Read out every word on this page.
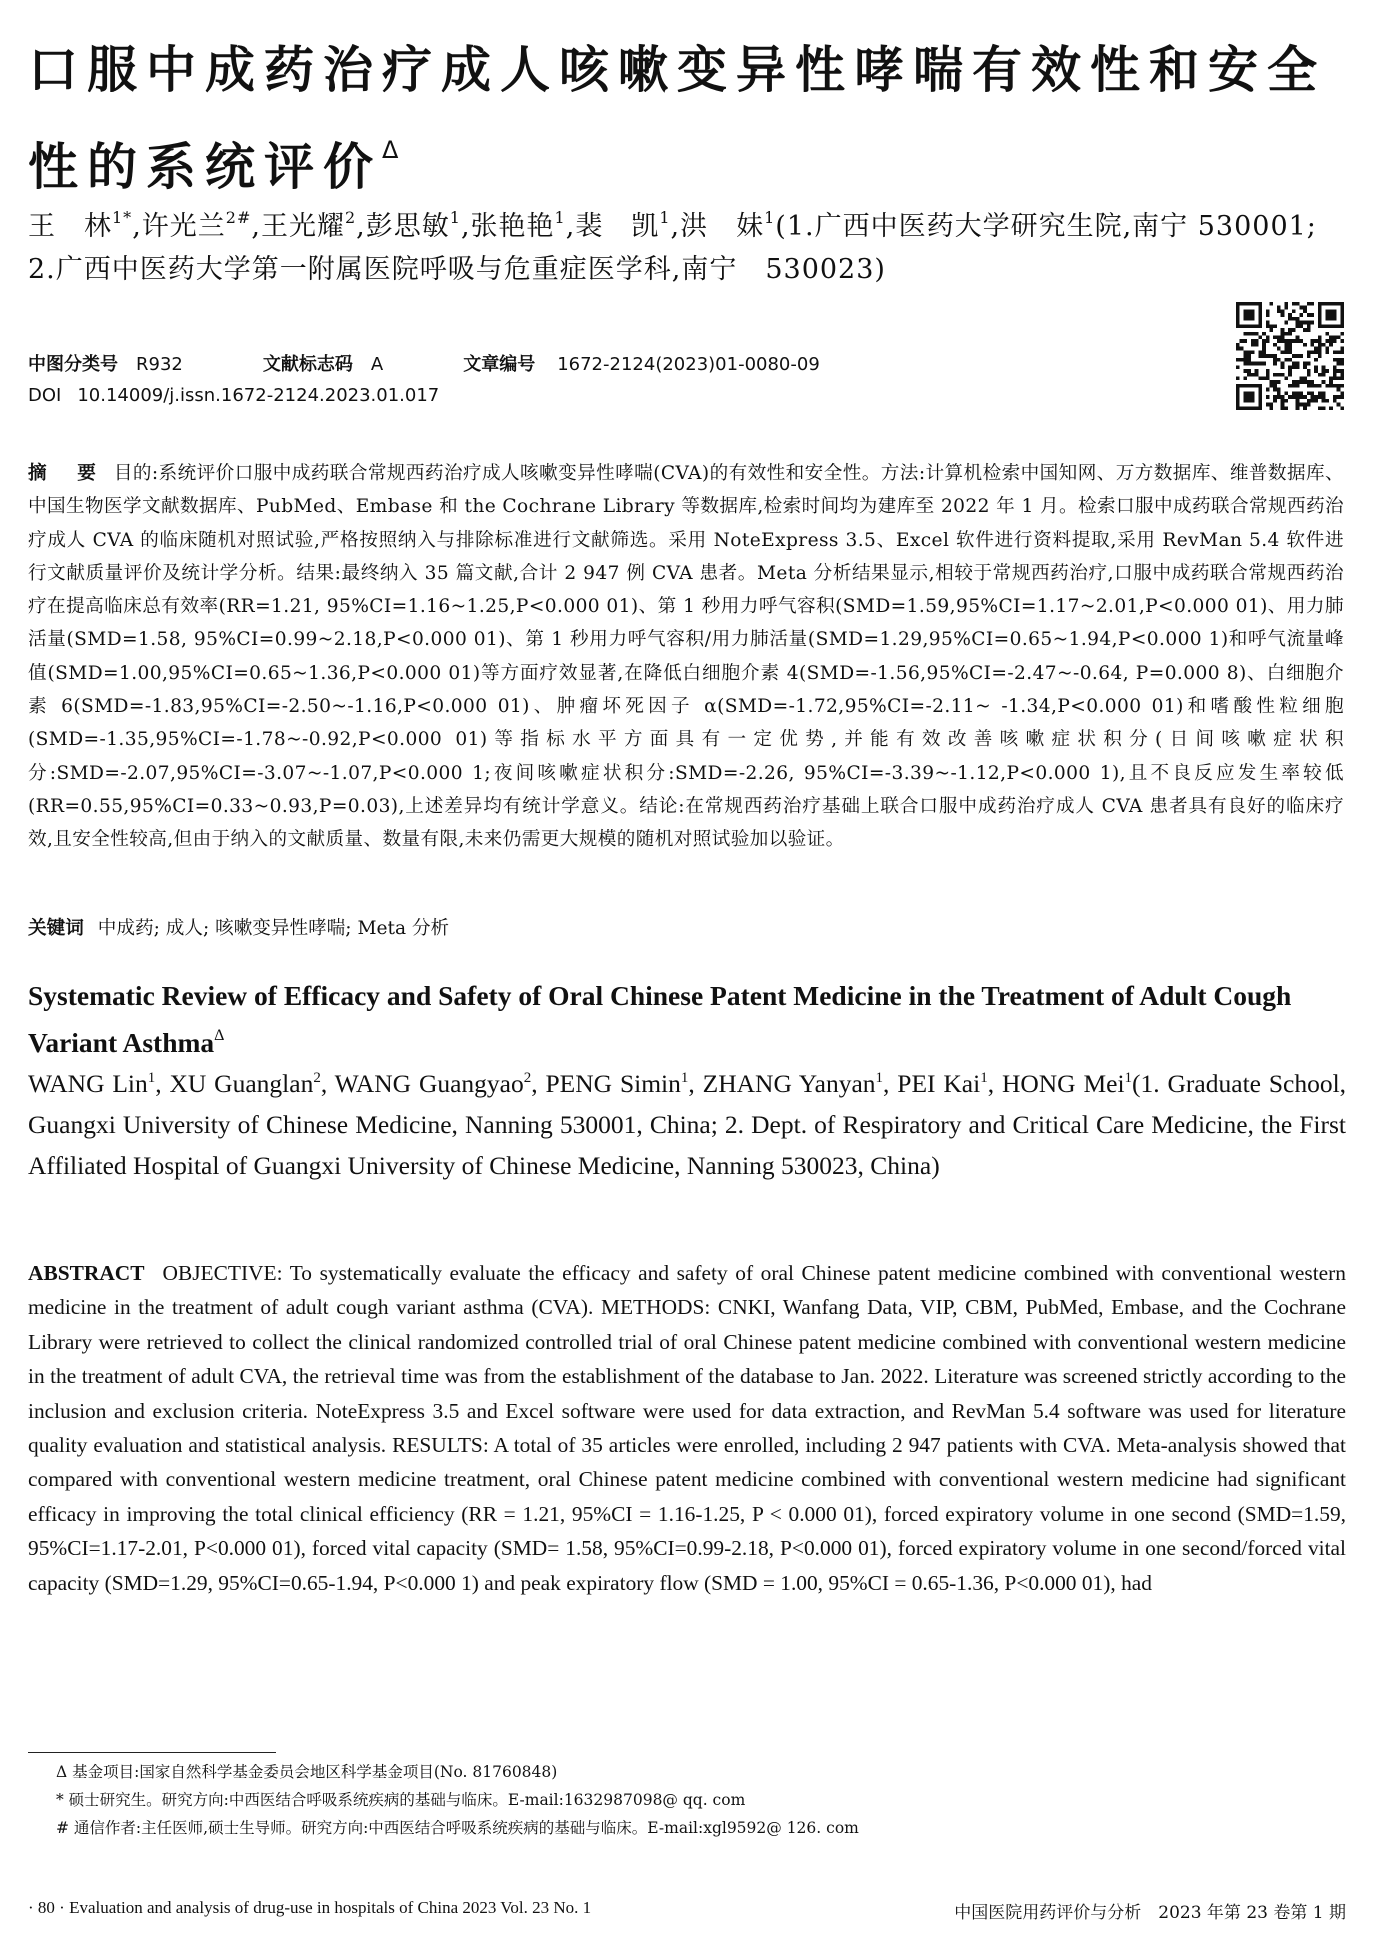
口服中成药治疗成人咳嗽变异性哮喘有效性和安全性的系统评价$^\Delta$
王　林$^{1*}$,许光兰$^{2\#}$,王光耀$^2$,彭思敏$^1$,张艳艳$^1$,裴　凯$^1$,洪　妹$^1$(1.广西中医药大学研究生院,南宁 530001; 2.广西中医药大学第一附属医院呼吸与危重症医学科,南宁　530023)
中图分类号 R932	文献标志码 A	文章编号 1672-2124(2023)01-0080-09
DOI 10.14009/j.issn.1672-2124.2023.01.017
摘　要 目的:系统评价口服中成药联合常规西药治疗成人咳嗽变异性哮喘(CVA)的有效性和安全性。方法:计算机检索中国知网、万方数据库、维普数据库、中国生物医学文献数据库、PubMed、Embase 和 the Cochrane Library 等数据库,检索时间均为建库至 2022 年 1 月。检索口服中成药联合常规西药治疗成人 CVA 的临床随机对照试验,严格按照纳入与排除标准进行文献筛选。采用 NoteExpress 3.5、Excel 软件进行资料提取,采用 RevMan 5.4 软件进行文献质量评价及统计学分析。结果:最终纳入 35 篇文献,合计 2 947 例 CVA 患者。Meta 分析结果显示,相较于常规西药治疗,口服中成药联合常规西药治疗在提高临床总有效率(RR=1.21, 95%CI=1.16~1.25,P<0.000 01)、第 1 秒用力呼气容积(SMD=1.59,95%CI=1.17~2.01,P<0.000 01)、用力肺活量(SMD=1.58, 95%CI=0.99~2.18,P<0.000 01)、第 1 秒用力呼气容积/用力肺活量(SMD=1.29,95%CI=0.65~1.94,P<0.000 1)和呼气流量峰值(SMD=1.00,95%CI=0.65~1.36,P<0.000 01)等方面疗效显著,在降低白细胞介素 4(SMD=-1.56,95%CI=-2.47~-0.64, P=0.000 8)、白细胞介素 6(SMD=-1.83,95%CI=-2.50~-1.16,P<0.000 01)、肿瘤坏死因子 α(SMD=-1.72,95%CI=-2.11~ -1.34,P<0.000 01)和嗜酸性粒细胞(SMD=-1.35,95%CI=-1.78~-0.92,P<0.000 01)等指标水平方面具有一定优势,并能有效改善咳嗽症状积分(日间咳嗽症状积分:SMD=-2.07,95%CI=-3.07~-1.07,P<0.000 1;夜间咳嗽症状积分:SMD=-2.26, 95%CI=-3.39~-1.12,P<0.000 1),且不良反应发生率较低(RR=0.55,95%CI=0.33~0.93,P=0.03),上述差异均有统计学意义。结论:在常规西药治疗基础上联合口服中成药治疗成人 CVA 患者具有良好的临床疗效,且安全性较高,但由于纳入的文献质量、数量有限,未来仍需更大规模的随机对照试验加以验证。
关键词 中成药; 成人; 咳嗽变异性哮喘; Meta 分析
Systematic Review of Efficacy and Safety of Oral Chinese Patent Medicine in the Treatment of Adult Cough Variant Asthma$^\Delta$
WANG Lin$^1$, XU Guanglan$^2$, WANG Guangyao$^2$, PENG Simin$^1$, ZHANG Yanyan$^1$, PEI Kai$^1$, HONG Mei$^1$(1. Graduate School, Guangxi University of Chinese Medicine, Nanning 530001, China; 2. Dept. of Respiratory and Critical Care Medicine, the First Affiliated Hospital of Guangxi University of Chinese Medicine, Nanning 530023, China)
ABSTRACT OBJECTIVE: To systematically evaluate the efficacy and safety of oral Chinese patent medicine combined with conventional western medicine in the treatment of adult cough variant asthma (CVA). METHODS: CNKI, Wanfang Data, VIP, CBM, PubMed, Embase, and the Cochrane Library were retrieved to collect the clinical randomized controlled trial of oral Chinese patent medicine combined with conventional western medicine in the treatment of adult CVA, the retrieval time was from the establishment of the database to Jan. 2022. Literature was screened strictly according to the inclusion and exclusion criteria. NoteExpress 3.5 and Excel software were used for data extraction, and RevMan 5.4 software was used for literature quality evaluation and statistical analysis. RESULTS: A total of 35 articles were enrolled, including 2 947 patients with CVA. Meta-analysis showed that compared with conventional western medicine treatment, oral Chinese patent medicine combined with conventional western medicine had significant efficacy in improving the total clinical efficiency (RR = 1.21, 95%CI = 1.16-1.25, P < 0.000 01), forced expiratory volume in one second (SMD=1.59, 95%CI=1.17-2.01, P<0.000 01), forced vital capacity (SMD= 1.58, 95%CI=0.99-2.18, P<0.000 01), forced expiratory volume in one second/forced vital capacity (SMD=1.29, 95%CI=0.65-1.94, P<0.000 1) and peak expiratory flow (SMD = 1.00, 95%CI = 0.65-1.36, P<0.000 01), had
Δ 基金项目:国家自然科学基金委员会地区科学基金项目(No. 81760848)
* 硕士研究生。研究方向:中西医结合呼吸系统疾病的基础与临床。E-mail:1632987098@ qq. com
# 通信作者:主任医师,硕士生导师。研究方向:中西医结合呼吸系统疾病的基础与临床。E-mail:xgl9592@ 126. com
· 80 · Evaluation and analysis of drug-use in hospitals of China 2023 Vol. 23 No. 1	中国医院用药评价与分析　2023 年第 23 卷第 1 期
